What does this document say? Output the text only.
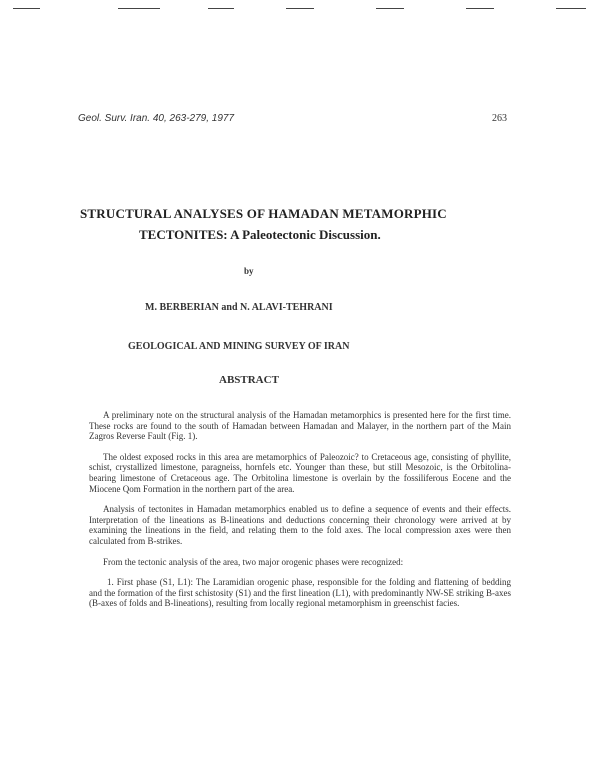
Geol. Surv. Iran. 40, 263-279, 1977	263
STRUCTURAL ANALYSES OF HAMADAN METAMORPHIC
TECTONITES: A Paleotectonic Discussion.
by
M. BERBERIAN and N. ALAVI-TEHRANI
GEOLOGICAL AND MINING SURVEY OF IRAN
ABSTRACT

A preliminary note on the structural analysis of the Hamadan metamorphics is presented here for the first time. These rocks are found to the south of Hamadan between Hamadan and Malayer, in the northern part of the Main Zagros Reverse Fault (Fig. 1).

The oldest exposed rocks in this area are metamorphics of Paleozoic? to Cretaceous age, consisting of phyllite, schist, crystallized limestone, paragneiss, hornfels etc. Younger than these, but still Mesozoic, is the Orbitolina-bearing limestone of Cretaceous age. The Orbitolina limestone is overlain by the fossiliferous Eocene and the Miocene Qom Formation in the northern part of the area.

Analysis of tectonites in Hamadan metamorphics enabled us to define a sequence of events and their effects. Interpretation of the lineations as B-lineations and deductions concerning their chronology were arrived at by examining the lineations in the field, and relating them to the fold axes. The local compression axes were then calculated from B-strikes.

From the tectonic analysis of the area, two major orogenic phases were recognized:

1. First phase (S1, L1): The Laramidian orogenic phase, responsible for the folding and flattening of bedding and the formation of the first schistosity (S1) and the first lineation (L1), with predominantly NW-SE striking B-axes (B-axes of folds and B-lineations), resulting from locally regional metamorphism in greenschist facies.
